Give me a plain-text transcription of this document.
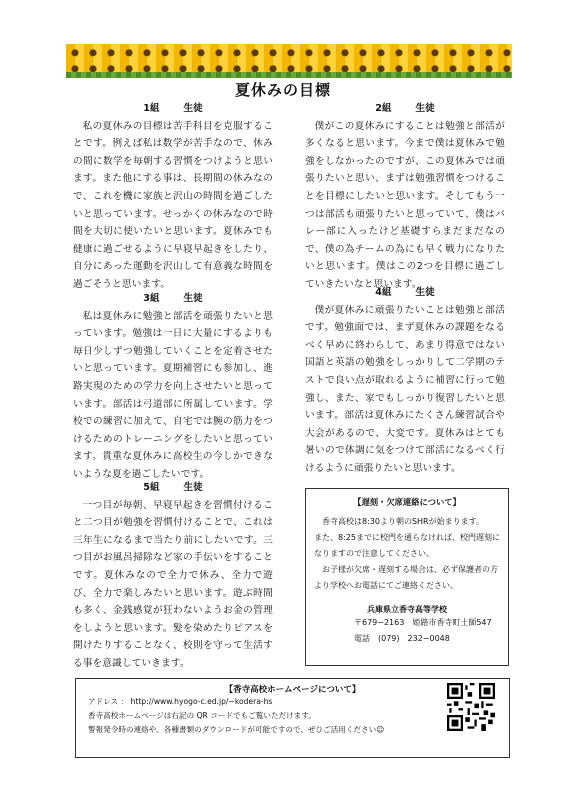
夏休みの目標

1組	生徒

私の夏休みの目標は苦手科目を克服することです。例えば私は数学が苦手なので、休みの間に数学を毎朝する習慣をつけようと思います。また他にする事は、長期間の休みなので、これを機に家族と沢山の時間を過ごしたいと思っています。せっかくの休みなので時間を大切に使いたいと思います。夏休みでも健康に過ごせるように早寝早起きをしたり、自分にあった運動を沢山して有意義な時間を過ごそうと思います。

3組	生徒

私は夏休みに勉強と部活を頑張りたいと思っています。勉強は一日に大量にするよりも毎日少しずつ勉強していくことを定着させたいと思っています。夏期補習にも参加し、進路実現のための学力を向上させたいと思っています。部活は弓道部に所属しています。学校での練習に加えて、自宅では腕の筋力をつけるためのトレーニングをしたいと思っています。貴重な夏休みに高校生の今しかできないような夏を過ごしたいです。

5組	生徒

一つ目が毎朝、早寝早起きを習慣付けること二つ目が勉強を習慣付けることで、これは三年生になるまで当たり前にしたいです。三つ目がお風呂掃除など家の手伝いをすることです。夏休みなので全力で休み、全力で遊び、全力で楽しみたいと思います。遊ぶ時間も多く、金銭感覚が狂わないようお金の管理をしようと思います。髪を染めたりピアスを開けたりすることなく、校則を守って生活する事を意識していきます。

2組	生徒

僕がこの夏休みにすることは勉強と部活が多くなると思います。今まで僕は夏休みで勉強をしなかったのですが、この夏休みでは頑張りたいと思い、まずは勉強習慣をつけることを目標にしたいと思います。そしてもう一つは部活も頑張りたいと思っていて、僕はバレー部に入ったけど基礎すらまだまだなので、僕の為チームの為にも早く戦力になりたいと思います。僕はこの2つを目標に過ごしていきたいなと思います。

4組	生徒

僕が夏休みに頑張りたいことは勉強と部活です。勉強面では、まず夏休みの課題をなるべく早めに終わらして、あまり得意ではない国語と英語の勉強をしっかりして二学期のテストで良い点が取れるように補習に行って勉強し、また、家でもしっかり復習したいと思います。部活は夏休みにたくさん練習試合や大会があるので、大変です。夏休みはとても暑いので体調に気をつけて部活になるべく行けるように頑張りたいと思います。

【遅刻・欠席連絡について】

香寺高校は8:30より朝のSHRが始まります。

また、8:25までに校門を通らなければ、校門遅刻になりますので注意してください。

お子様が欠席・遅刻する場合は、必ず保護者の方より学校へお電話にてご連絡ください。

兵庫県立香寺高等学校

〒679−2163　姫路市香寺町土師547

電話　(079)　232−0048

【香寺高校ホームページについて】

アドレス ： http://www.hyogo-c.ed.jp/~kodera-hs

香寺高校ホームページは右記の QR コードでもご覧いただけます。

警報発令時の連絡や、各種書類のダウンロードが可能ですので、ぜひご活用ください☺
